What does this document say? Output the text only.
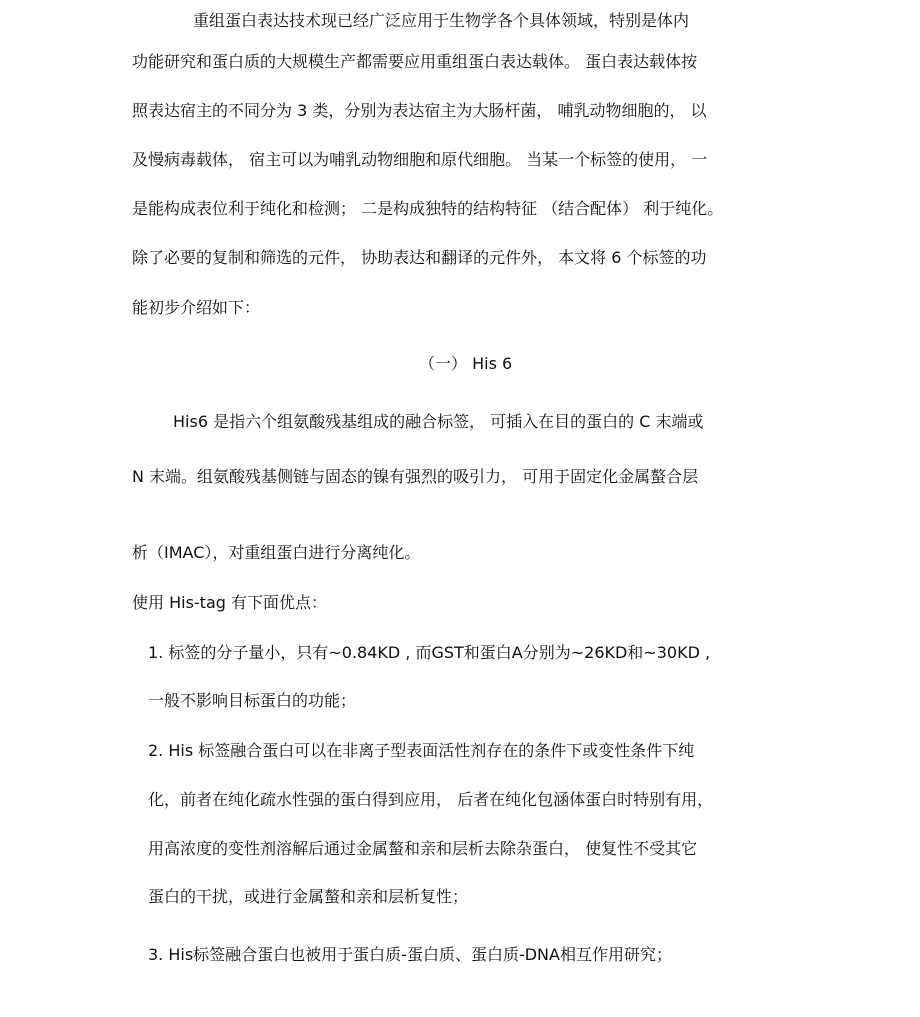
重组蛋白表达技术现已经广泛应用于生物学各个具体领域，特别是体内
功能研究和蛋白质的大规模生产都需要应用重组蛋白表达载体。 蛋白表达载体按
照表达宿主的不同分为 3 类，分别为表达宿主为大肠杆菌， 哺乳动物细胞的， 以
及慢病毒载体， 宿主可以为哺乳动物细胞和原代细胞。 当某一个标签的使用， 一
是能构成表位利于纯化和检测； 二是构成独特的结构特征 （结合配体） 利于纯化。
除了必要的复制和筛选的元件， 协助表达和翻译的元件外， 本文将 6 个标签的功
能初步介绍如下：
（一） His 6
His6 是指六个组氨酸残基组成的融合标签， 可插入在目的蛋白的 C 末端或
N 末端。组氨酸残基侧链与固态的镍有强烈的吸引力， 可用于固定化金属螯合层
析（IMAC），对重组蛋白进行分离纯化。
使用 His-tag 有下面优点：
1. 标签的分子量小，只有~0.84KD , 而GST和蛋白A分别为~26KD和~30KD ,
一般不影响目标蛋白的功能；
2. His 标签融合蛋白可以在非离子型表面活性剂存在的条件下或变性条件下纯
化，前者在纯化疏水性强的蛋白得到应用， 后者在纯化包涵体蛋白时特别有用，
用高浓度的变性剂溶解后通过金属螯和亲和层析去除杂蛋白， 使复性不受其它
蛋白的干扰，或进行金属螯和亲和层析复性；
3. His标签融合蛋白也被用于蛋白质-蛋白质、蛋白质-DNA相互作用研究；
